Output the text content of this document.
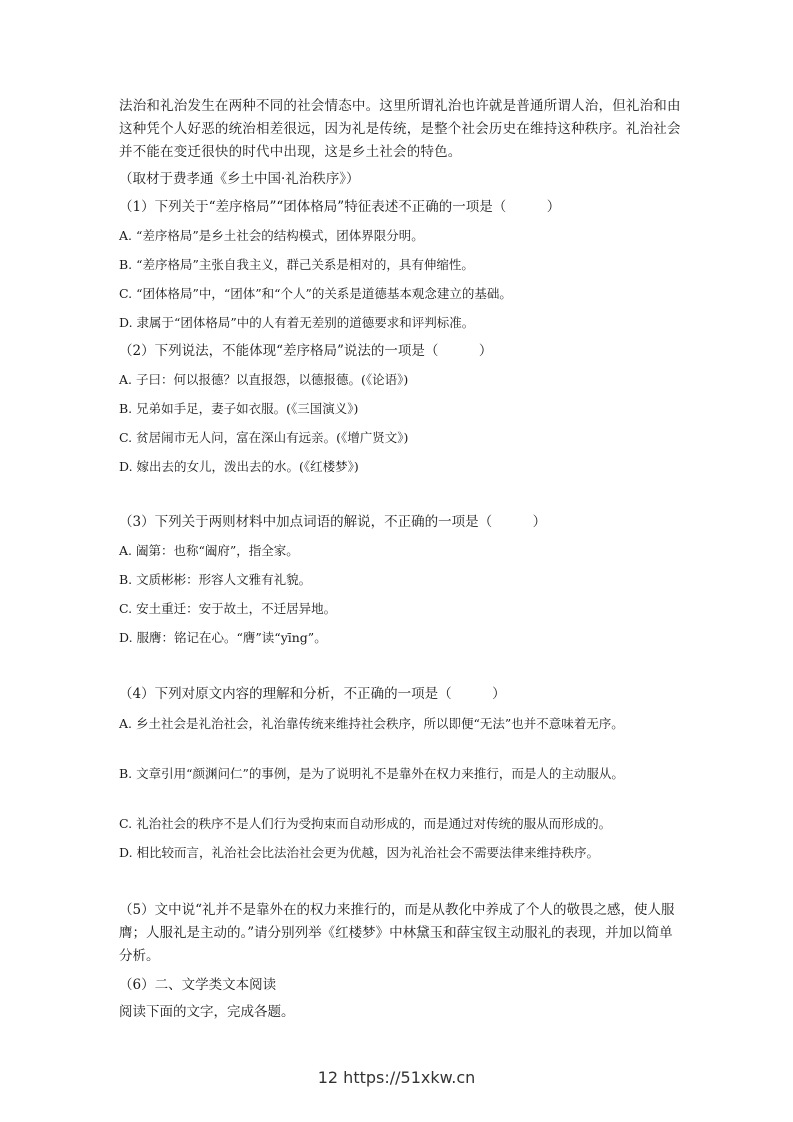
法治和礼治发生在两种不同的社会情态中。这里所谓礼治也许就是普通所谓人治，但礼治和由这种凭个人好恶的统治相差很远，因为礼是传统，是整个社会历史在维持这种秩序。礼治社会并不能在变迁很快的时代中出现，这是乡土社会的特色。

（取材于费孝通《乡土中国·礼治秩序》）
（1）下列关于“差序格局”“团体格局”特征表述不正确的一项是（　　　）
A. “差序格局”是乡土社会的结构模式，团体界限分明。
B. “差序格局”主张自我主义，群己关系是相对的，具有伸缩性。
C. “团体格局”中，“团体”和“个人”的关系是道德基本观念建立的基础。
D. 隶属于“团体格局”中的人有着无差别的道德要求和评判标准。
（2）下列说法，不能体现“差序格局”说法的一项是（　　　）
A. 子曰：何以报德？以直报怨，以德报德。(《论语》)
B. 兄弟如手足，妻子如衣服。(《三国演义》)
C. 贫居闹市无人问，富在深山有远亲。(《增广贤文》)
D. 嫁出去的女儿，泼出去的水。(《红楼梦》)
（3）下列关于两则材料中加点词语的解说，不正确的一项是（　　　）
A. 阖第：也称“阖府”，指全家。
B. 文质彬彬：形容人文雅有礼貌。
C. 安土重迁：安于故土，不迁居异地。
D. 服膺：铭记在心。“膺”读“yīng”。
（4）下列对原文内容的理解和分析，不正确的一项是（　　　）
A. 乡土社会是礼治社会，礼治靠传统来维持社会秩序，所以即便“无法”也并不意味着无序。
B. 文章引用“颜渊问仁”的事例，是为了说明礼不是靠外在权力来推行，而是人的主动服从。
C. 礼治社会的秩序不是人们行为受拘束而自动形成的，而是通过对传统的服从而形成的。
D. 相比较而言，礼治社会比法治社会更为优越，因为礼治社会不需要法律来维持秩序。
（5）文中说“礼并不是靠外在的权力来推行的，而是从教化中养成了个人的敬畏之感，使人服膺；人服礼是主动的。”请分别列举《红楼梦》中林黛玉和薛宝钗主动服礼的表现，并加以简单分析。
（6）二、文学类文本阅读
阅读下面的文字，完成各题。
12 https://51xkw.cn
